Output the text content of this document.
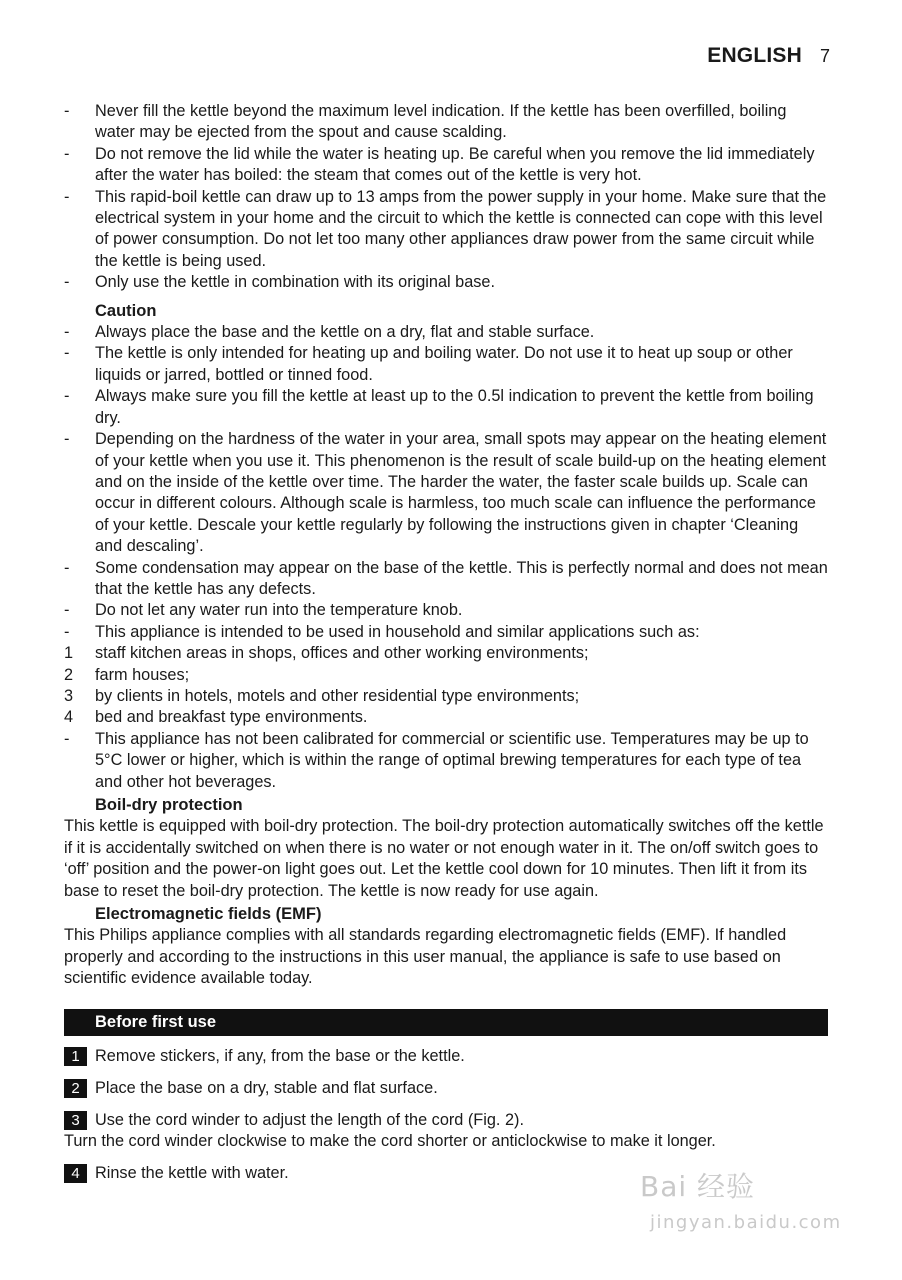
ENGLISH 7
- Never fill the kettle beyond the maximum level indication. If the kettle has been overfilled, boiling water may be ejected from the spout and cause scalding.
- Do not remove the lid while the water is heating up. Be careful when you remove the lid immediately after the water has boiled: the steam that comes out of the kettle is very hot.
- This rapid-boil kettle can draw up to 13 amps from the power supply in your home. Make sure that the electrical system in your home and the circuit to which the kettle is connected can cope with this level of power consumption. Do not let too many other appliances draw power from the same circuit while the kettle is being used.
- Only use the kettle in combination with its original base.
Caution
- Always place the base and the kettle on a dry, flat and stable surface.
- The kettle is only intended for heating up and boiling water. Do not use it to heat up soup or other liquids or jarred, bottled or tinned food.
- Always make sure you fill the kettle at least up to the 0.5l indication to prevent the kettle from boiling dry.
- Depending on the hardness of the water in your area, small spots may appear on the heating element of your kettle when you use it. This phenomenon is the result of scale build-up on the heating element and on the inside of the kettle over time. The harder the water, the faster scale builds up. Scale can occur in different colours. Although scale is harmless, too much scale can influence the performance of your kettle. Descale your kettle regularly by following the instructions given in chapter ‘Cleaning and descaling’.
- Some condensation may appear on the base of the kettle. This is perfectly normal and does not mean that the kettle has any defects.
- Do not let any water run into the temperature knob.
- This appliance is intended to be used in household and similar applications such as:
1 staff kitchen areas in shops, offices and other working environments;
2 farm houses;
3 by clients in hotels, motels and other residential type environments;
4 bed and breakfast type environments.
- This appliance has not been calibrated for commercial or scientific use. Temperatures may be up to 5°C lower or higher, which is within the range of optimal brewing temperatures for each type of tea and other hot beverages.
Boil-dry protection
This kettle is equipped with boil-dry protection. The boil-dry protection automatically switches off the kettle if it is accidentally switched on when there is no water or not enough water in it. The on/off switch goes to ‘off’ position and the power-on light goes out. Let the kettle cool down for 10 minutes. Then lift it from its base to reset the boil-dry protection. The kettle is now ready for use again.
Electromagnetic fields (EMF)
This Philips appliance complies with all standards regarding electromagnetic fields (EMF). If handled properly and according to the instructions in this user manual, the appliance is safe to use based on scientific evidence available today.
Before first use
1 Remove stickers, if any, from the base or the kettle.
2 Place the base on a dry, stable and flat surface.
3 Use the cord winder to adjust the length of the cord (Fig. 2).
Turn the cord winder clockwise to make the cord shorter or anticlockwise to make it longer.
4 Rinse the kettle with water.	Bai 经验
jingyan.baidu.com
